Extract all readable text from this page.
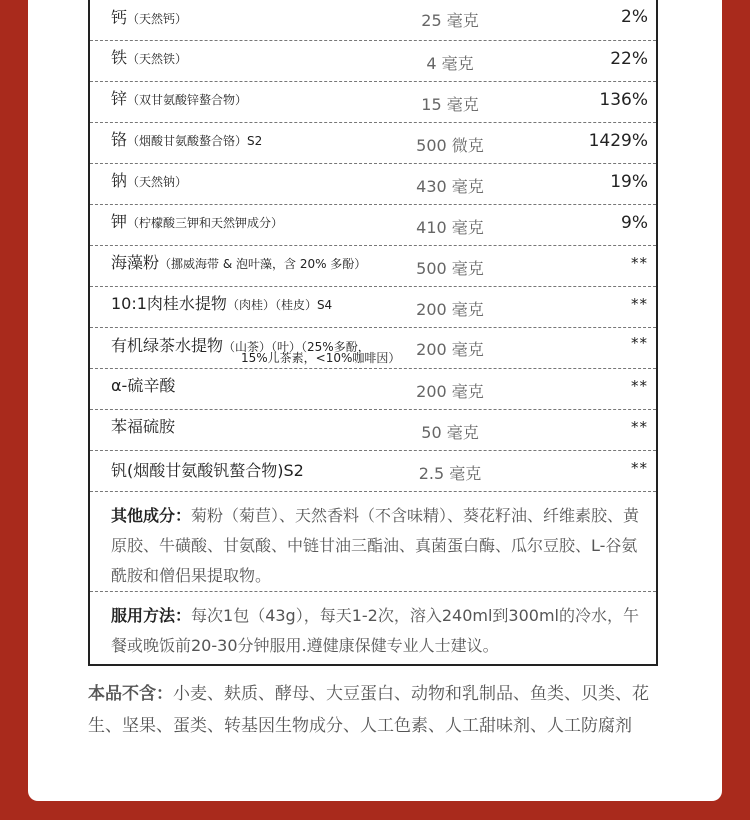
钙（天然钙）	25 毫克	2%
铁（天然铁）	4 毫克	22%
锌（双甘氨酸锌螯合物）	15 毫克	136%
铬（烟酸甘氨酸螯合铬）S2	500 微克	1429%
钠（天然钠）	430 毫克	19%
钾（柠檬酸三钾和天然钾成分）	410 毫克	9%
海藻粉（挪威海带 & 泡叶藻，含 20% 多酚）	500 毫克	**
10:1肉桂水提物（肉桂）（桂皮）S4	200 毫克	**
有机绿茶水提物（山茶）（叶）（25%多酚，
15%儿茶素，<10%咖啡因） 200 毫克	**
α-硫辛酸	200 毫克	**
苯福硫胺	50 毫克	**
钒(烟酸甘氨酸钒螯合物)S2	2.5 毫克	**
其他成分：菊粉（菊苣）、天然香料（不含味精）、葵花籽油、纤维素胶、黄原胶、牛磺酸、甘氨酸、中链甘油三酯油、真菌蛋白酶、瓜尔豆胶、L-谷氨酰胺和僧侣果提取物。
服用方法：每次1包（43g），每天1-2次，溶入240ml到300ml的冷水，午餐或晚饭前20-30分钟服用.遵健康保健专业人士建议。
本品不含：小麦、麸质、酵母、大豆蛋白、动物和乳制品、鱼类、贝类、花生、坚果、蛋类、转基因生物成分、人工色素、人工甜味剂、人工防腐剂
